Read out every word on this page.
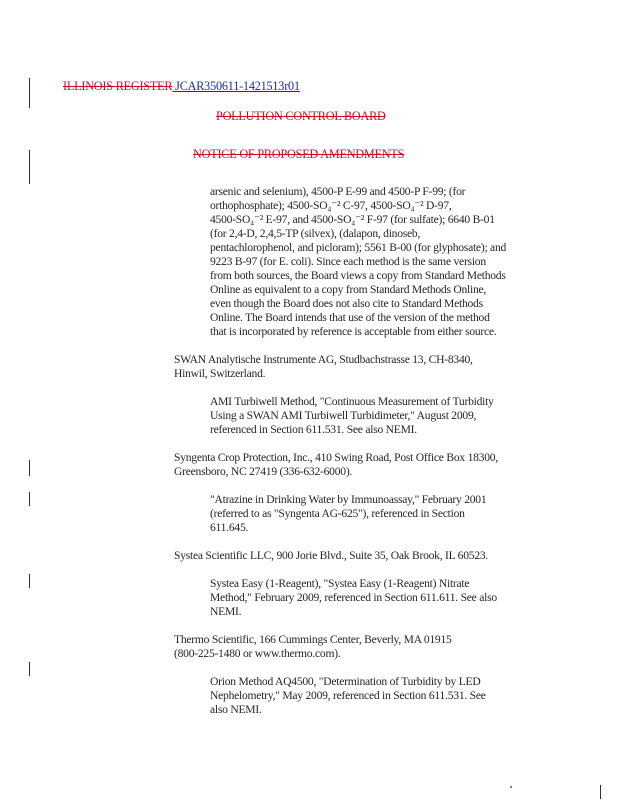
ILLINOIS REGISTER JCAR350611-1421513r01
POLLUTION CONTROL BOARD
NOTICE OF PROPOSED AMENDMENTS
arsenic and selenium), 4500-P E-99 and 4500-P F-99; (for
orthophosphate); 4500-SO₄⁻² C-97, 4500-SO₄⁻² D-97,
4500-SO₄⁻² E-97, and 4500-SO₄⁻² F-97 (for sulfate); 6640 B-01
(for 2,4-D, 2,4,5-TP (silvex), (dalapon, dinoseb,
pentachlorophenol, and picloram); 5561 B-00 (for glyphosate); and
9223 B-97 (for E. coli). Since each method is the same version
from both sources, the Board views a copy from Standard Methods
Online as equivalent to a copy from Standard Methods Online,
even though the Board does not also cite to Standard Methods
Online. The Board intends that use of the version of the method
that is incorporated by reference is acceptable from either source.
SWAN Analytische Instrumente AG, Studbachstrasse 13, CH-8340,
Hinwil, Switzerland.
AMI Turbiwell Method, "Continuous Measurement of Turbidity
Using a SWAN AMI Turbiwell Turbidimeter," August 2009,
referenced in Section 611.531. See also NEMI.
Syngenta Crop Protection, Inc., 410 Swing Road, Post Office Box 18300,
Greensboro, NC 27419 (336-632-6000).
"Atrazine in Drinking Water by Immunoassay," February 2001
(referred to as "Syngenta AG-625"), referenced in Section
611.645.
Systea Scientific LLC, 900 Jorie Blvd., Suite 35, Oak Brook, IL 60523.
Systea Easy (1-Reagent), "Systea Easy (1-Reagent) Nitrate
Method," February 2009, referenced in Section 611.611. See also
NEMI.
Thermo Scientific, 166 Cummings Center, Beverly, MA 01915
(800-225-1480 or www.thermo.com).
Orion Method AQ4500, "Determination of Turbidity by LED
Nephelometry," May 2009, referenced in Section 611.531. See
also NEMI.
